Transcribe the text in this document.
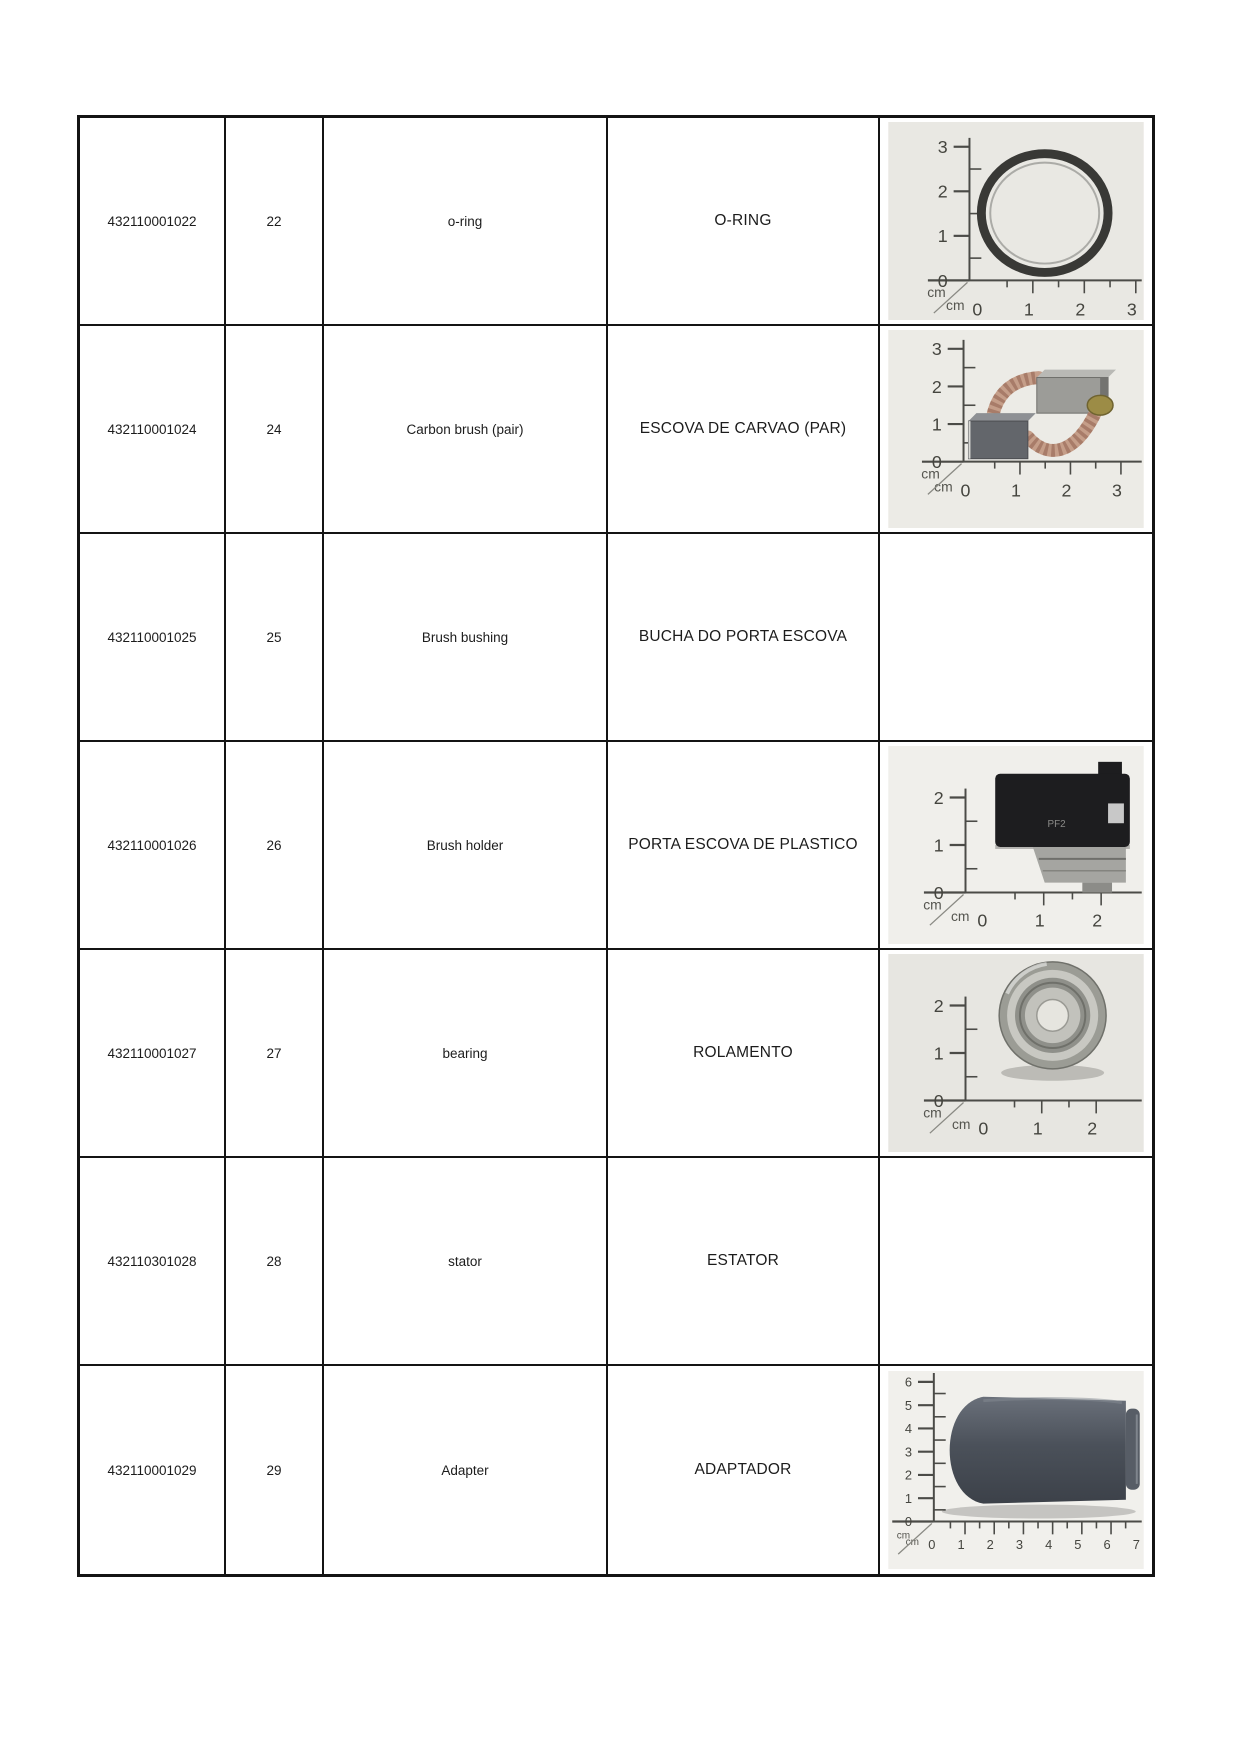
432110001022	22	o-ring	O-RING
3
2
1
0
0 1 2 3
cm
cm
432110001024	24	Carbon brush (pair)	ESCOVA DE CARVAO (PAR)
3
2
1
0
0 1 2 3
cm
cm
432110001025	25	Brush bushing	BUCHA DO PORTA ESCOVA
432110001026	26	Brush holder	PORTA ESCOVA DE PLASTICO
2
1
0
0	1	2
cm
cm
PF2
432110001027	27	bearing	ROLAMENTO
2
1
0
0 1 2
cm
cm
432110301028	28	stator	ESTATOR
432110001029	29	Adapter	ADAPTADOR
6
5
4
3
2
1
0
0 1 2 3 4 5 6 7
cm
cm
